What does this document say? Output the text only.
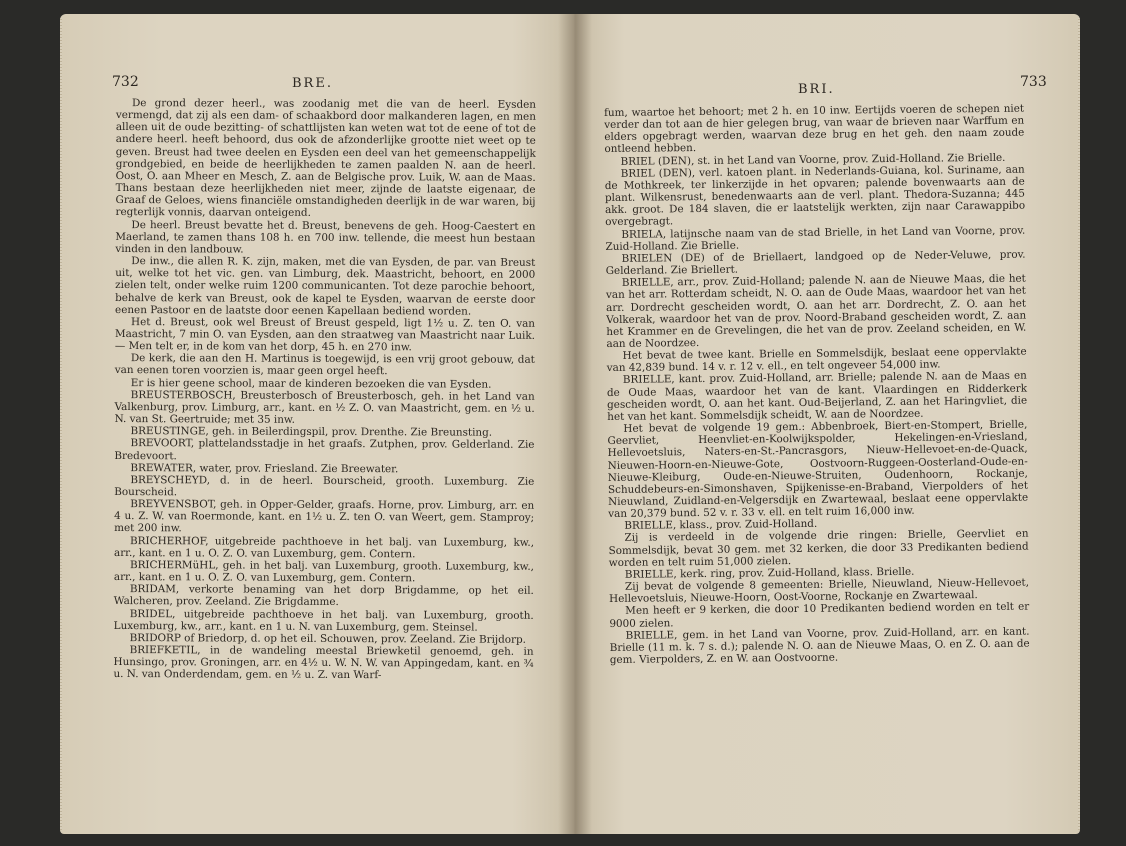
732	BRE.

De grond dezer heerl., was zoodanig met die van de heerl. Eysden vermengd, dat zij als een dam- of schaakbord door malkanderen lagen, en men alleen uit de oude bezitting- of schattlijsten kan weten wat tot de eene of tot de andere heerl. heeft behoord, dus ook de afzonderlijke grootte niet weet op te geven. Breust had twee deelen en Eysden een deel van het gemeenschappelijk grondgebied, en beide de heerlijkheden te zamen paalden N. aan de heerl. Oost, O. aan Mheer en Mesch, Z. aan de Belgische prov. Luik, W. aan de Maas. Thans bestaan deze heerlijkheden niet meer, zijnde de laatste eigenaar, de Graaf de Geloes, wiens financiële omstandigheden deerlijk in de war waren, bij regterlijk vonnis, daarvan onteigend.

De heerl. Breust bevatte het d. Breust, benevens de geh. Hoog-Caestert en Maerland, te zamen thans 108 h. en 700 inw. tellende, die meest hun bestaan vinden in den landbouw.

De inw., die allen R. K. zijn, maken, met die van Eysden, de par. van Breust uit, welke tot het vic. gen. van Limburg, dek. Maastricht, behoort, en 2000 zielen telt, onder welke ruim 1200 communicanten. Tot deze parochie behoort, behalve de kerk van Breust, ook de kapel te Eysden, waarvan de eerste door eenen Pastoor en de laatste door eenen Kapellaan bediend worden.

Het d. Breust, ook wel Breust of Breust gespeld, ligt 1½ u. Z. ten O. van Maastricht, 7 min O. van Eysden, aan den straatweg van Maastricht naar Luik. — Men telt er, in de kom van het dorp, 45 h. en 270 inw.

De kerk, die aan den H. Martinus is toegewijd, is een vrij groot gebouw, dat van eenen toren voorzien is, maar geen orgel heeft.

Er is hier geene school, maar de kinderen bezoeken die van Eysden.

BREUSTERBOSCH, Breusterbosch of Breusterbosch, geh. in het Land van Valkenburg, prov. Limburg, arr., kant. en ½ Z. O. van Maastricht, gem. en ½ u. N. van St. Geertruide; met 35 inw.

BREUSTINGE, geh. in Beilerdingspil, prov. Drenthe. Zie Breunsting.

BREVOORT, plattelandsstadje in het graafs. Zutphen, prov. Gelderland. Zie Bredevoort.

BREWATER, water, prov. Friesland. Zie Breewater.

BREYSCHEYD, d. in de heerl. Bourscheid, grooth. Luxemburg. Zie Bourscheid.

BREYVENSBOT, geh. in Opper-Gelder, graafs. Horne, prov. Limburg, arr. en 4 u. Z. W. van Roermonde, kant. en 1½ u. Z. ten O. van Weert, gem. Stamproy; met 200 inw.

BRICHERHOF, uitgebreide pachthoeve in het balj. van Luxemburg, kw., arr., kant. en 1 u. O. Z. O. van Luxemburg, gem. Contern.

BRICHERMüHL, geh. in het balj. van Luxemburg, grooth. Luxemburg, kw., arr., kant. en 1 u. O. Z. O. van Luxemburg, gem. Contern.

BRIDAM, verkorte benaming van het dorp Brigdamme, op het eil. Walcheren, prov. Zeeland. Zie Brigdamme.

BRIDEL, uitgebreide pachthoeve in het balj. van Luxemburg, grooth. Luxemburg, kw., arr., kant. en 1 u. N. van Luxemburg, gem. Steinsel.

BRIDORP of Briedorp, d. op het eil. Schouwen, prov. Zeeland. Zie Brijdorp.

BRIEFKETIL, in de wandeling meestal Briewketil genoemd, geh. in Hunsingo, prov. Groningen, arr. en 4½ u. W. N. W. van Appingedam, kant. en ¾ u. N. van Onderdendam, gem. en ½ u. Z. van Warf-

BRI.	733

fum, waartoe het behoort; met 2 h. en 10 inw. Eertijds voeren de schepen niet verder dan tot aan de hier gelegen brug, van waar de brieven naar Warffum en elders opgebragt werden, waarvan deze brug en het geh. den naam zoude ontleend hebben.

BRIEL (DEN), st. in het Land van Voorne, prov. Zuid-Holland. Zie Brielle.

BRIEL (DEN), verl. katoen plant. in Nederlands-Guiana, kol. Suriname, aan de Mothkreek, ter linkerzijde in het opvaren; palende bovenwaarts aan de plant. Wilkensrust, benedenwaarts aan de verl. plant. Thedora-Suzanna; 445 akk. groot. De 184 slaven, die er laatstelijk werkten, zijn naar Carawappibo overgebragt.

BRIELA, latijnsche naam van de stad Brielle, in het Land van Voorne, prov. Zuid-Holland. Zie Brielle.

BRIELEN (DE) of de Briellaert, landgoed op de Neder-Veluwe, prov. Gelderland. Zie Briellert.

BRIELLE, arr., prov. Zuid-Holland; palende N. aan de Nieuwe Maas, die het van het arr. Rotterdam scheidt, N. O. aan de Oude Maas, waardoor het van het arr. Dordrecht gescheiden wordt, O. aan het arr. Dordrecht, Z. O. aan het Volkerak, waardoor het van de prov. Noord-Braband gescheiden wordt, Z. aan het Krammer en de Grevelingen, die het van de prov. Zeeland scheiden, en W. aan de Noordzee.

Het bevat de twee kant. Brielle en Sommelsdijk, beslaat eene oppervlakte van 42,839 bund. 14 v. r. 12 v. ell., en telt ongeveer 54,000 inw.

BRIELLE, kant. prov. Zuid-Holland, arr. Brielle; palende N. aan de Maas en de Oude Maas, waardoor het van de kant. Vlaardingen en Ridderkerk gescheiden wordt, O. aan het kant. Oud-Beijerland, Z. aan het Haringvliet, die het van het kant. Sommelsdijk scheidt, W. aan de Noordzee.

Het bevat de volgende 19 gem.: Abbenbroek, Biert-en-Stompert, Brielle, Geervliet, Heenvliet-en-Koolwijkspolder, Hekelingen-en-Vriesland, Hellevoetsluis, Naters-en-St.-Pancrasgors, Nieuw-Hellevoet-en-de-Quack, Nieuwen-Hoorn-en-Nieuwe-Gote, Oostvoorn-Ruggeen-Oosterland-Oude-en-Nieuwe-Kleiburg, Oude-en-Nieuwe-Struiten, Oudenhoorn, Rockanje, Schuddebeurs-en-Simonshaven, Spijkenisse-en-Braband, Vierpolders of het Nieuwland, Zuidland-en-Velgersdijk en Zwartewaal, beslaat eene oppervlakte van 20,379 bund. 52 v. r. 33 v. ell. en telt ruim 16,000 inw.

BRIELLE, klass., prov. Zuid-Holland.

Zij is verdeeld in de volgende drie ringen: Brielle, Geervliet en Sommelsdijk, bevat 30 gem. met 32 kerken, die door 33 Predikanten bediend worden en telt ruim 51,000 zielen.

BRIELLE, kerk. ring, prov. Zuid-Holland, klass. Brielle.

Zij bevat de volgende 8 gemeenten: Brielle, Nieuwland, Nieuw-Hellevoet, Hellevoetsluis, Nieuwe-Hoorn, Oost-Voorne, Rockanje en Zwartewaal.

Men heeft er 9 kerken, die door 10 Predikanten bediend worden en telt er 9000 zielen.

BRIELLE, gem. in het Land van Voorne, prov. Zuid-Holland, arr. en kant. Brielle (11 m. k. 7 s. d.); palende N. O. aan de Nieuwe Maas, O. en Z. O. aan de gem. Vierpolders, Z. en W. aan Oostvoorne.
